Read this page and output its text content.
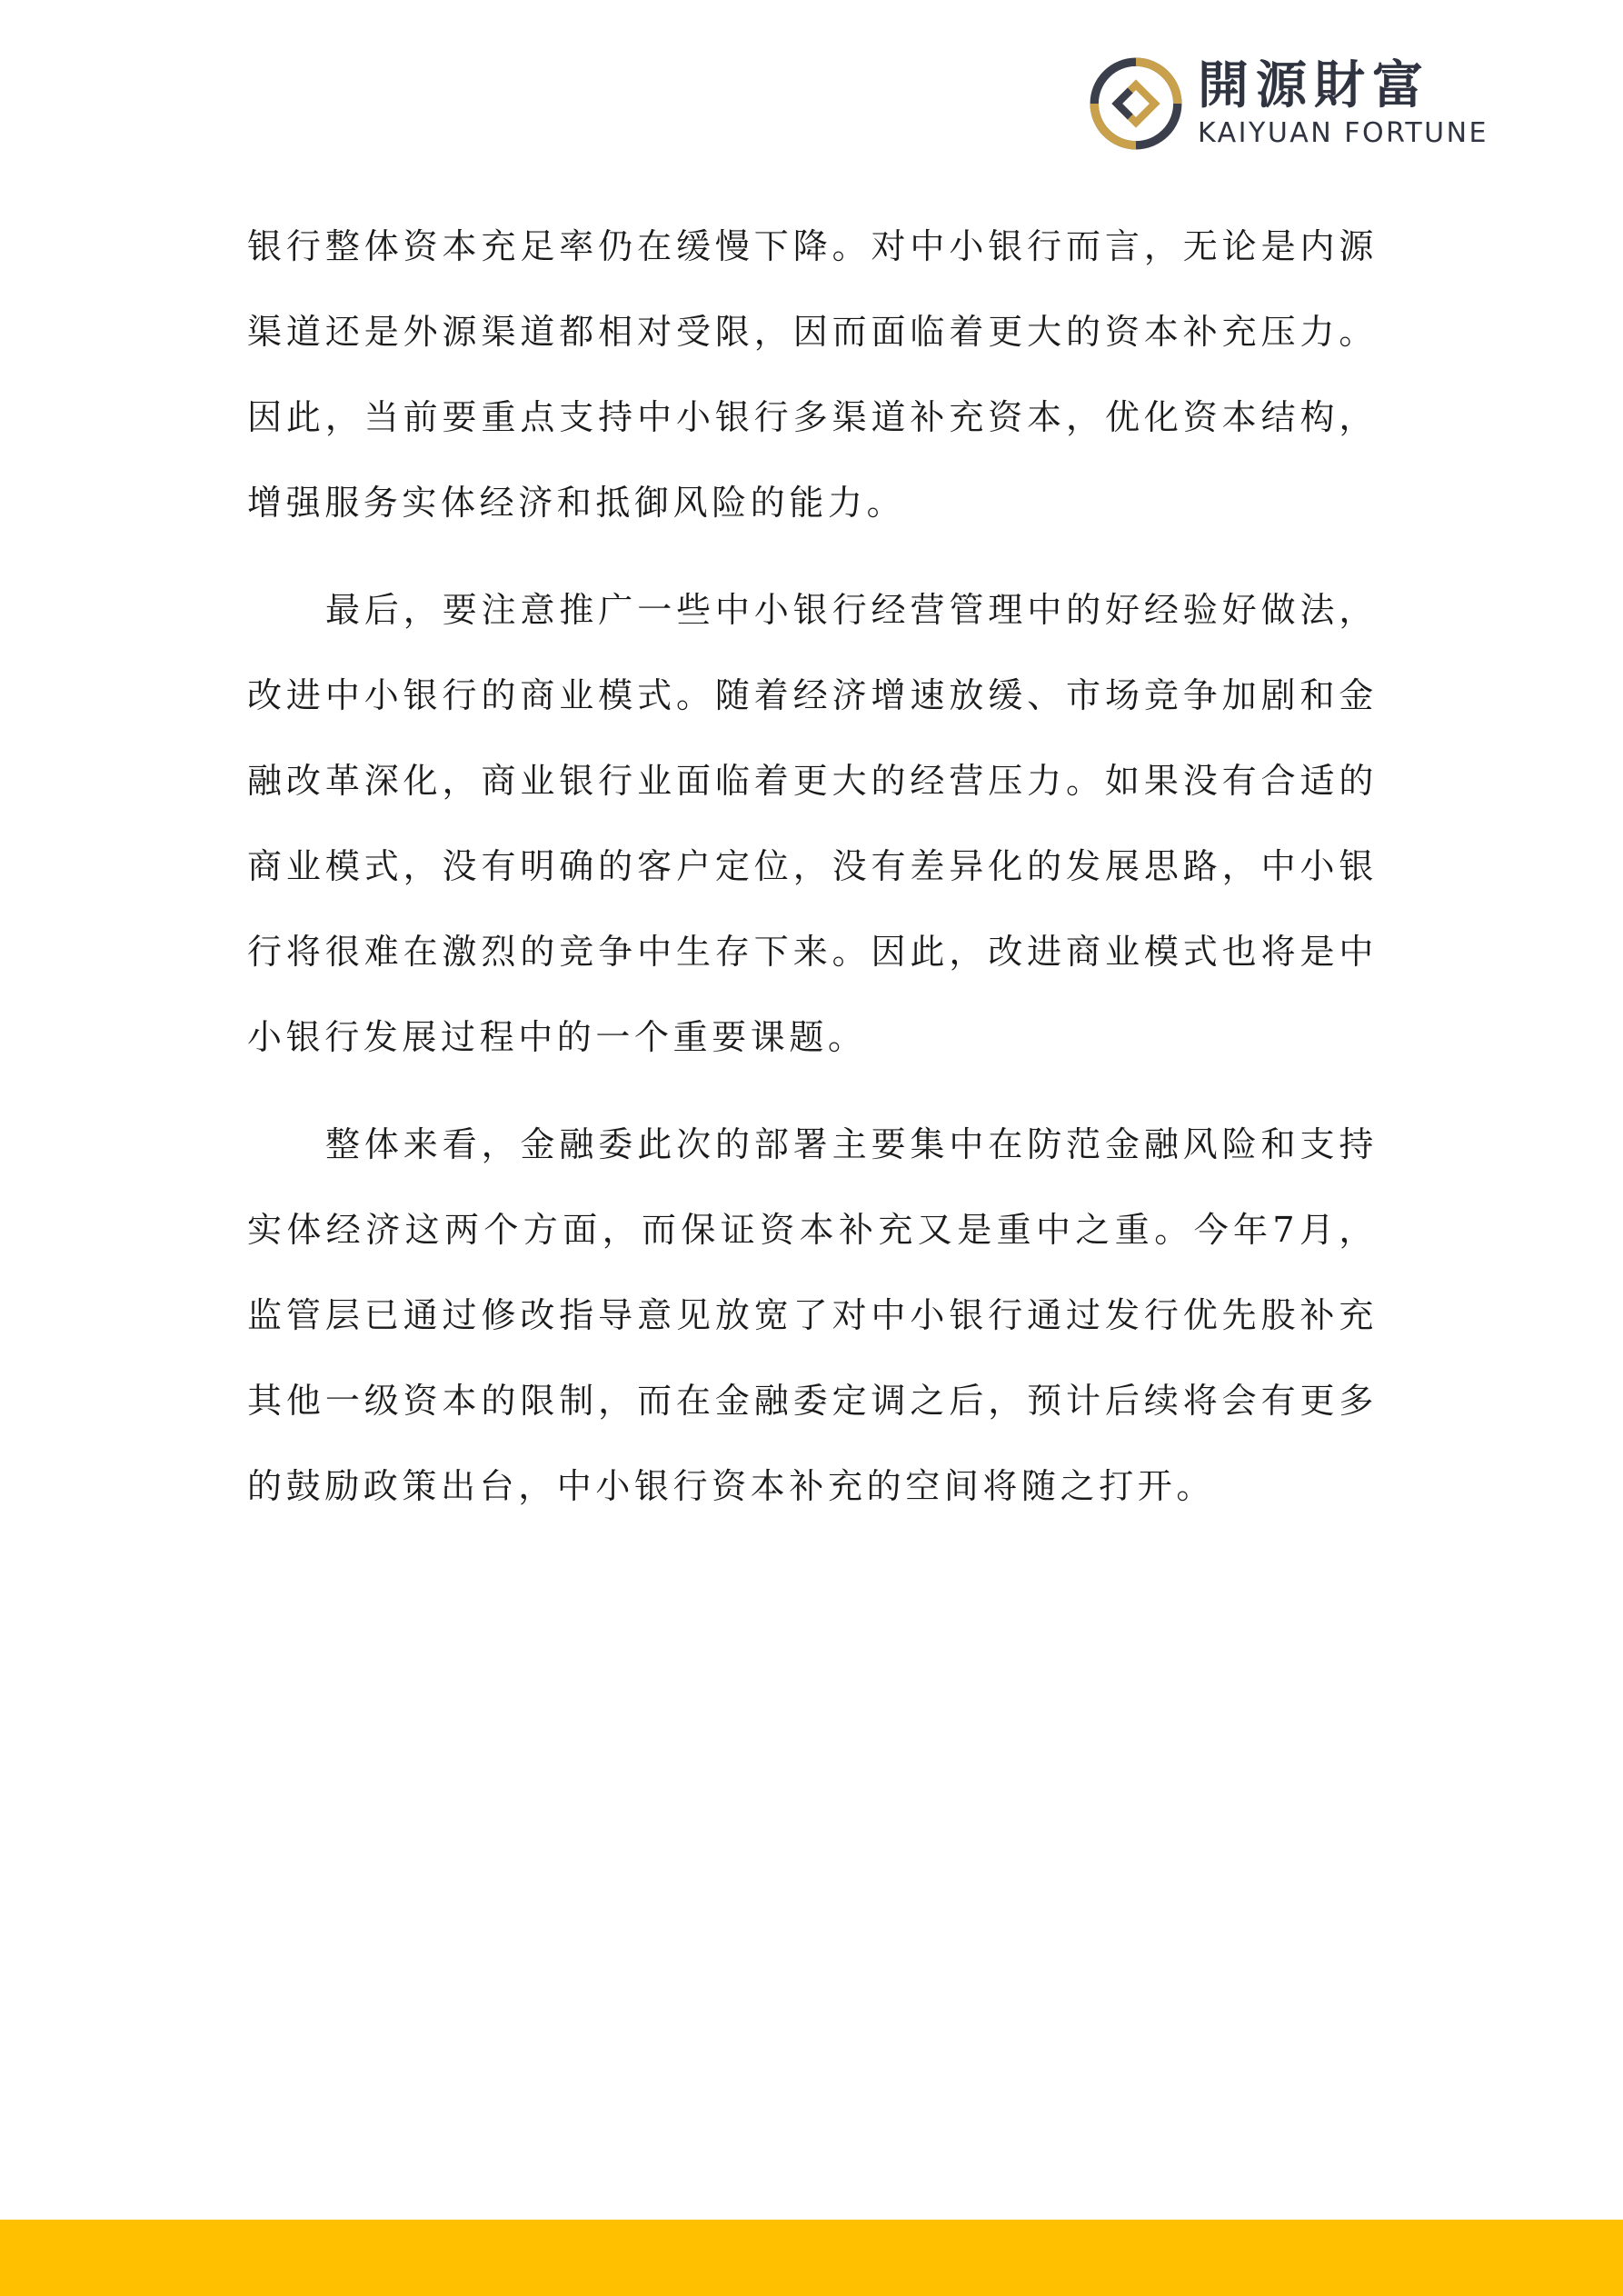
開源財富
KAIYUAN FORTUNE

银行整体资本充足率仍在缓慢下降。对中小银行而言，无论是内源渠道还是外源渠道都相对受限，因而面临着更大的资本补充压力。因此，当前要重点支持中小银行多渠道补充资本，优化资本结构，增强服务实体经济和抵御风险的能力。

最后，要注意推广一些中小银行经营管理中的好经验好做法，改进中小银行的商业模式。随着经济增速放缓、市场竞争加剧和金融改革深化，商业银行业面临着更大的经营压力。如果没有合适的商业模式，没有明确的客户定位，没有差异化的发展思路，中小银行将很难在激烈的竞争中生存下来。因此，改进商业模式也将是中小银行发展过程中的一个重要课题。

整体来看，金融委此次的部署主要集中在防范金融风险和支持实体经济这两个方面，而保证资本补充又是重中之重。今年7月，监管层已通过修改指导意见放宽了对中小银行通过发行优先股补充其他一级资本的限制，而在金融委定调之后，预计后续将会有更多的鼓励政策出台，中小银行资本补充的空间将随之打开。
